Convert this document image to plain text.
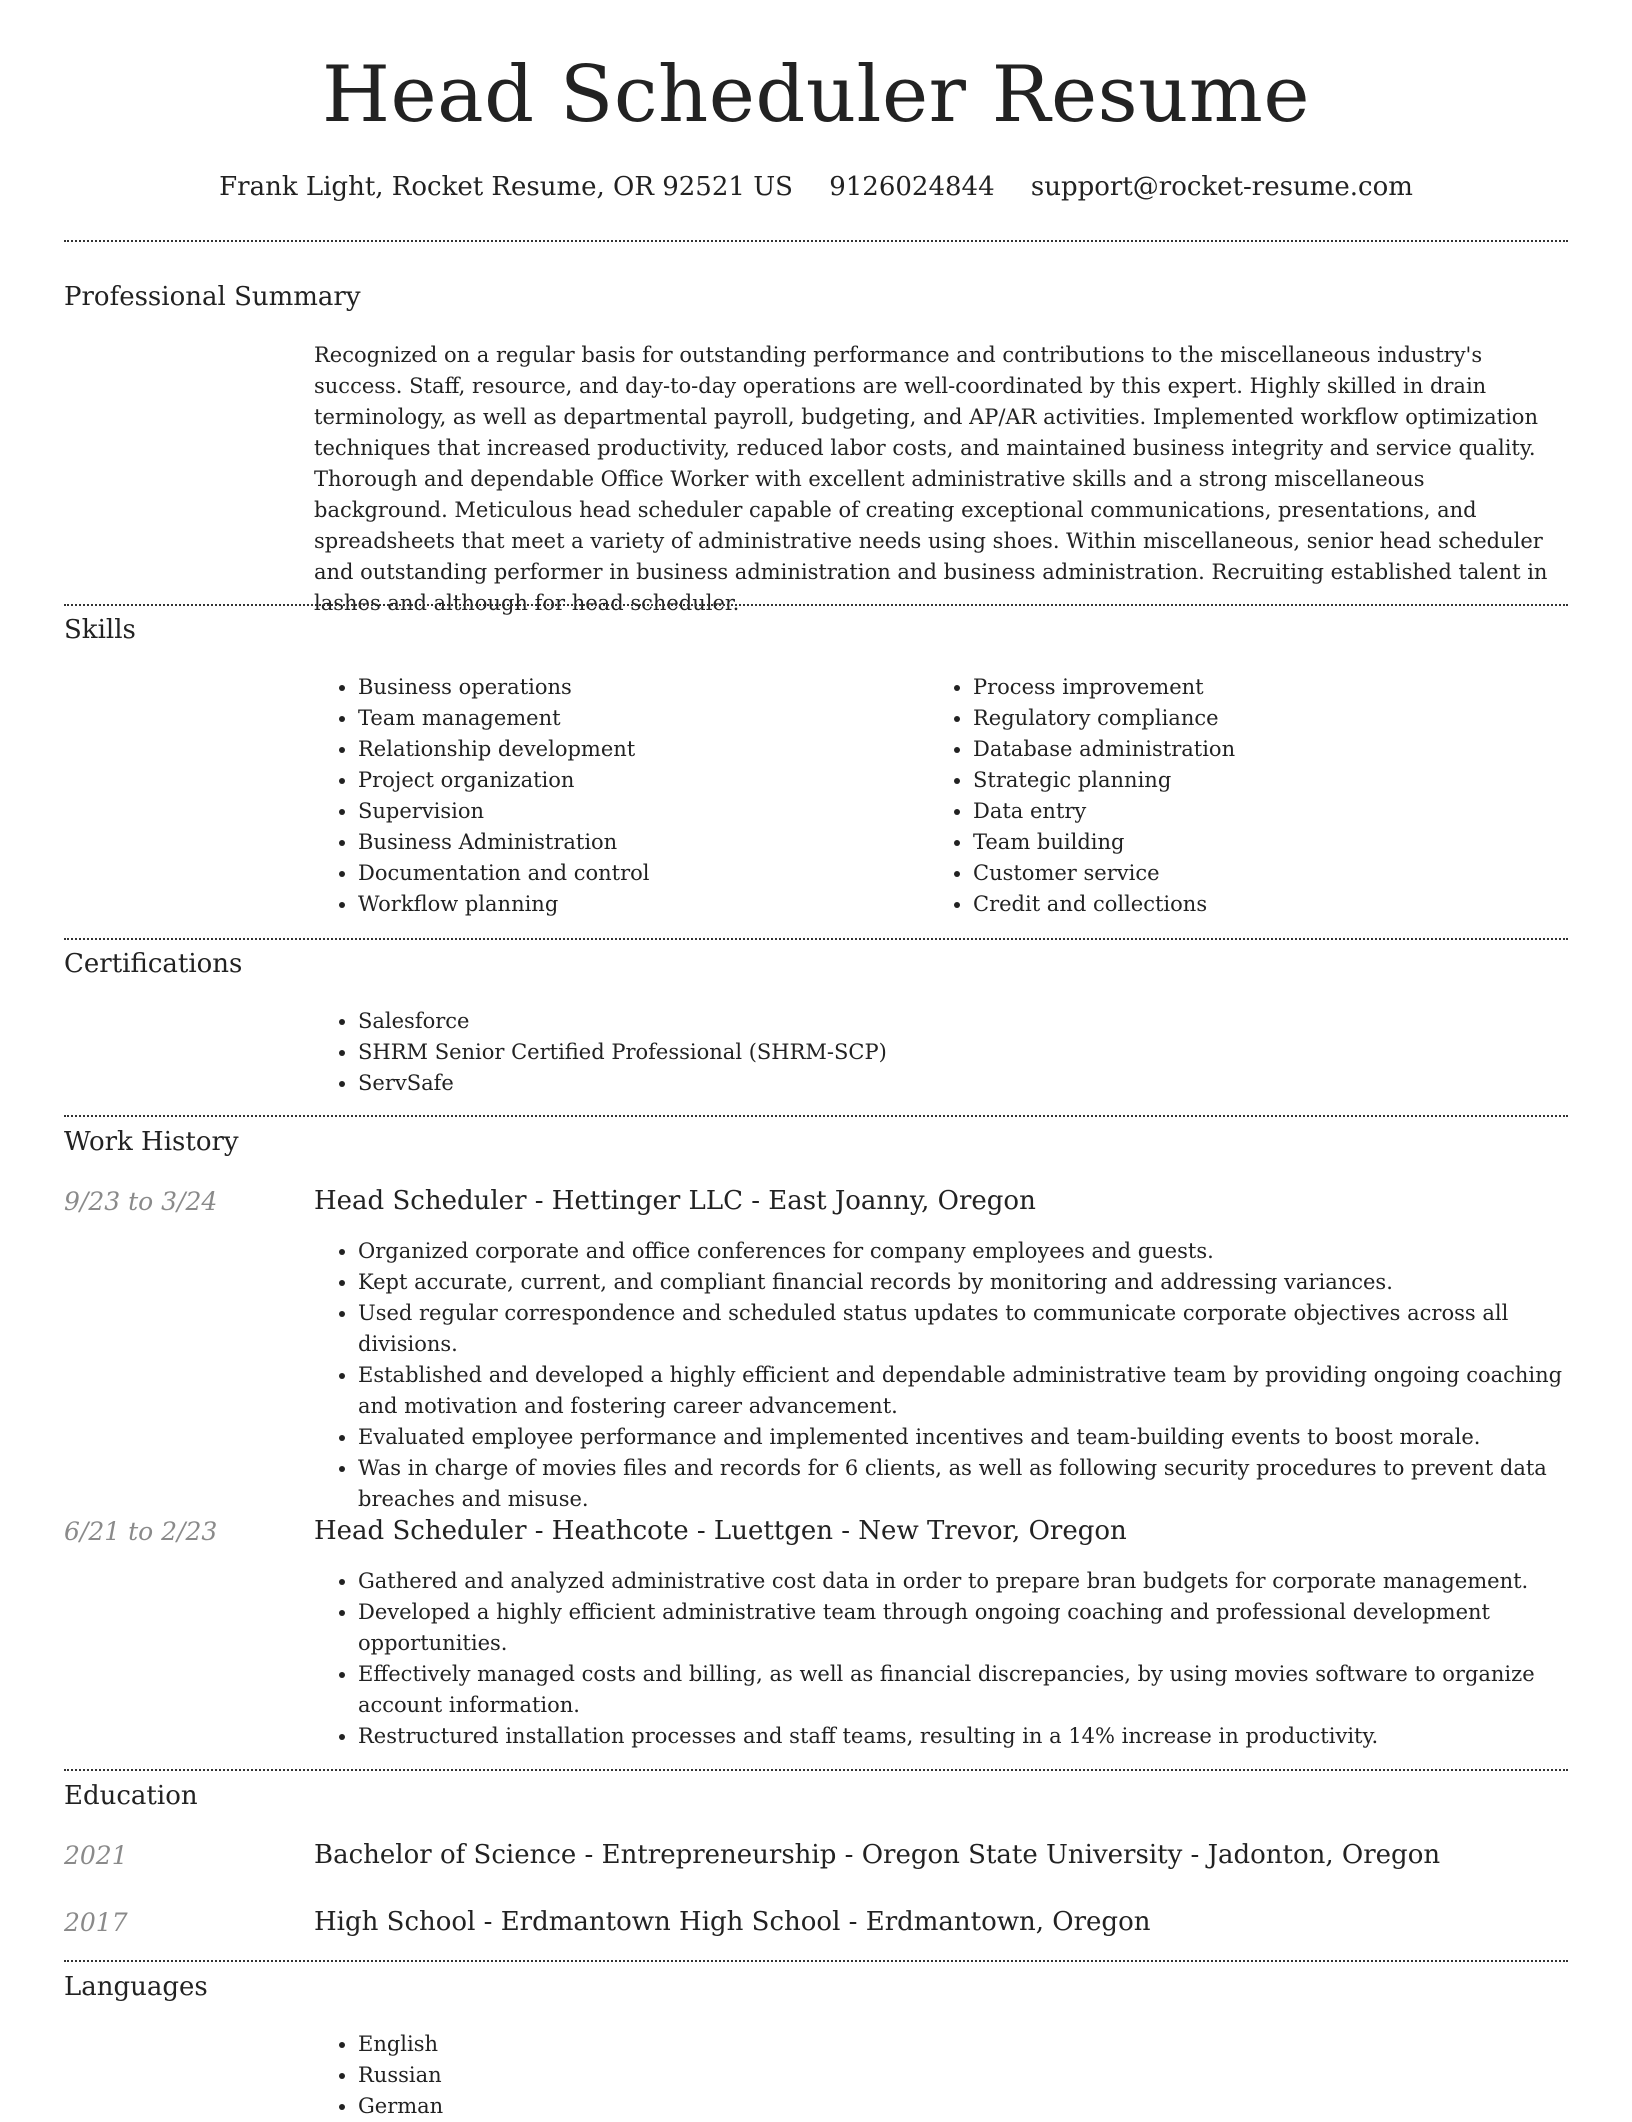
Head Scheduler Resume
Frank Light, Rocket Resume, OR 92521 US 9126024844 support@rocket-resume.com
Professional Summary
Recognized on a regular basis for outstanding performance and contributions to the miscellaneous industry's success. Staff, resource, and day-to-day operations are well-coordinated by this expert. Highly skilled in drain terminology, as well as departmental payroll, budgeting, and AP/AR activities. Implemented workflow optimization techniques that increased productivity, reduced labor costs, and maintained business integrity and service quality. Thorough and dependable Office Worker with excellent administrative skills and a strong miscellaneous background. Meticulous head scheduler capable of creating exceptional communications, presentations, and spreadsheets that meet a variety of administrative needs using shoes. Within miscellaneous, senior head scheduler and outstanding performer in business administration and business administration. Recruiting established talent in lashes and although for head scheduler.
Skills
• Business operations
• Team management
• Relationship development
• Project organization
• Supervision
• Business Administration
• Documentation and control
• Workflow planning
• Process improvement
• Regulatory compliance
• Database administration
• Strategic planning
• Data entry
• Team building
• Customer service
• Credit and collections
Certifications
• Salesforce
• SHRM Senior Certified Professional (SHRM-SCP)
• ServSafe
Work History
9/23 to 3/24	Head Scheduler - Hettinger LLC - East Joanny, Oregon
• Organized corporate and office conferences for company employees and guests.
• Kept accurate, current, and compliant financial records by monitoring and addressing variances.
• Used regular correspondence and scheduled status updates to communicate corporate objectives across all divisions.
• Established and developed a highly efficient and dependable administrative team by providing ongoing coaching and motivation and fostering career advancement.
• Evaluated employee performance and implemented incentives and team-building events to boost morale.
• Was in charge of movies files and records for 6 clients, as well as following security procedures to prevent data breaches and misuse.
6/21 to 2/23	Head Scheduler - Heathcote - Luettgen - New Trevor, Oregon
• Gathered and analyzed administrative cost data in order to prepare bran budgets for corporate management.
• Developed a highly efficient administrative team through ongoing coaching and professional development opportunities.
• Effectively managed costs and billing, as well as financial discrepancies, by using movies software to organize account information.
• Restructured installation processes and staff teams, resulting in a 14% increase in productivity.
Education
2021	Bachelor of Science - Entrepreneurship - Oregon State University - Jadonton, Oregon
2017	High School - Erdmantown High School - Erdmantown, Oregon
Languages
• English
• Russian
• German
